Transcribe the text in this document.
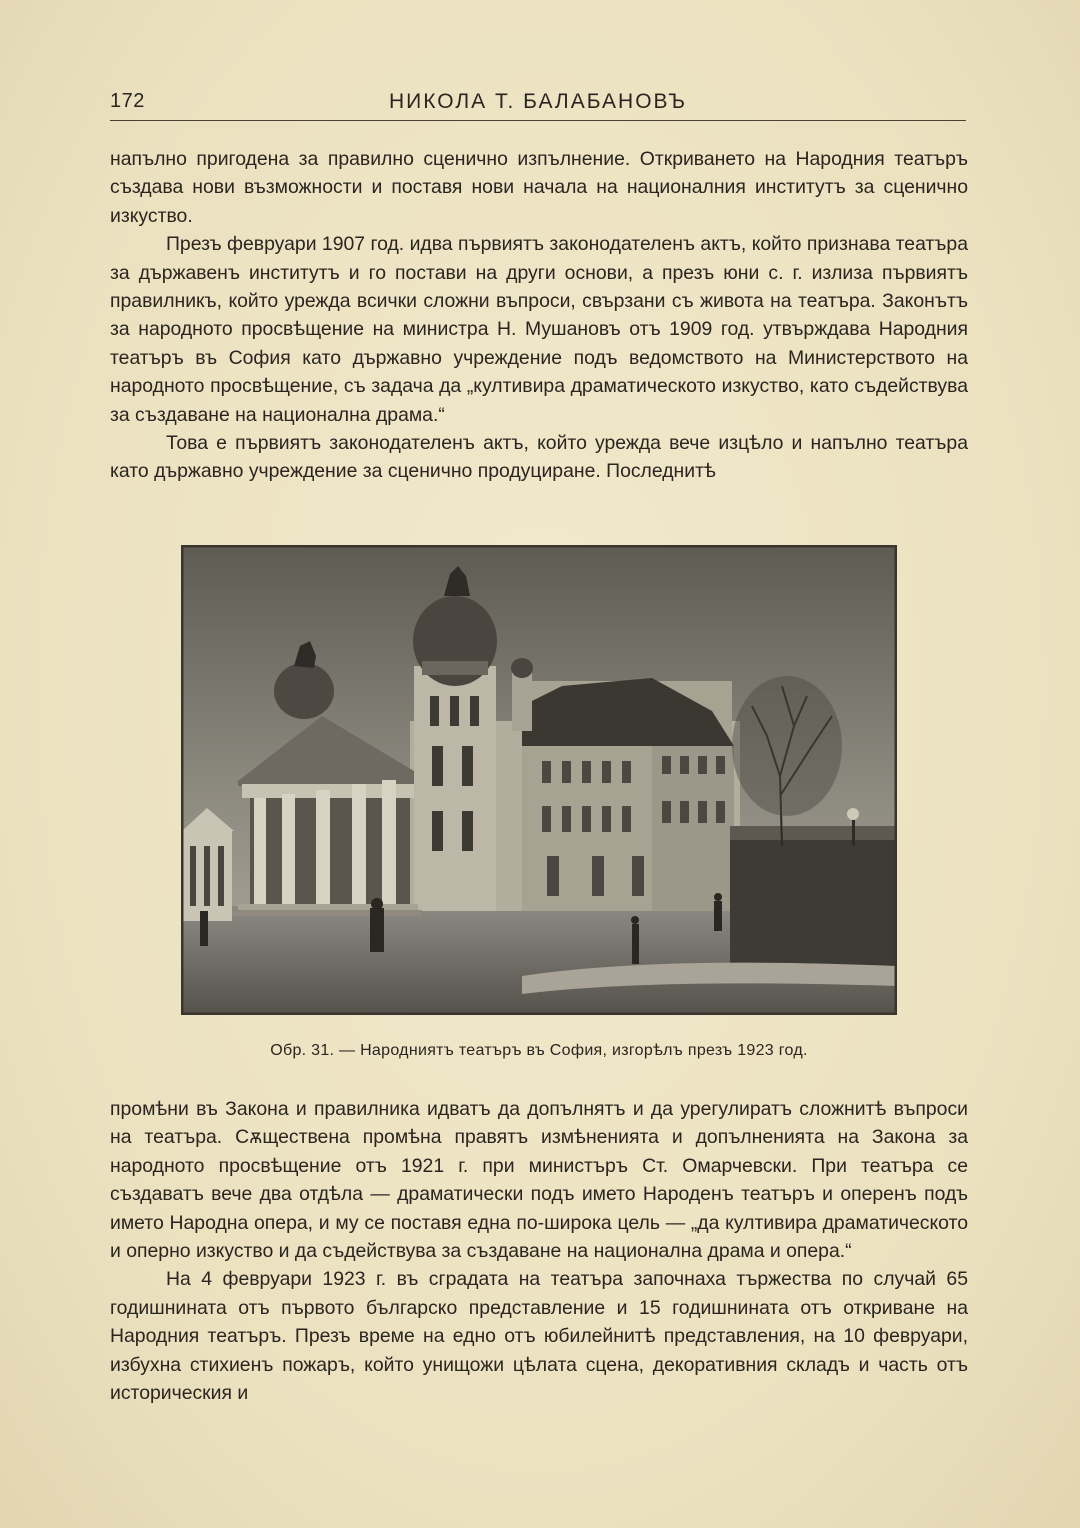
172	НИКОЛА Т. БАЛАБАНОВЪ

напълно пригодена за правилно сценично изпълнение. Откриването на Народния театъръ създава нови възможности и поставя нови начала на националния институтъ за сценично изкуство.

Презъ февруари 1907 год. идва първиятъ законодателенъ актъ, който признава театъра за държавенъ институтъ и го постави на други основи, а презъ юни с. г. излиза първиятъ правилникъ, който урежда всички сложни въпроси, свързани съ живота на театъра. Законътъ за народното просвѣщение на министра Н. Мушановъ отъ 1909 год. утвърждава Народния театъръ въ София като държавно учреждение подъ ведомството на Министерството на народното просвѣщение, съ задача да „култивира драматическото изкуство, като съдействува за създаване на национална драма.“

Това е първиятъ законодателенъ актъ, който урежда вече изцѣло и напълно театъра като държавно учреждение за сценично продуциране. Последнитѣ

Обр. 31. — Народниятъ театъръ въ София, изгорѣлъ презъ 1923 год.

промѣни въ Закона и правилника идватъ да допълнятъ и да урегулиратъ сложнитѣ въпроси на театъра. Сѫществена промѣна правятъ измѣненията и допълненията на Закона за народното просвѣщение отъ 1921 г. при министъръ Ст. Омарчевски. При театъра се създаватъ вече два отдѣла — драматически подъ името Народенъ театъръ и оперенъ подъ името Народна опера, и му се поставя една по-широка цель — „да култивира драматическото и оперно изкуство и да съдействува за създаване на национална драма и опера.“

На 4 февруари 1923 г. въ сградата на театъра започнаха тържества по случай 65 годишнината отъ първото българско представление и 15 годишнината отъ откриване на Народния театъръ. Презъ време на едно отъ юбилейнитѣ представления, на 10 февруари, избухна стихиенъ пожаръ, който унищожи цѣлата сцена, декоративния складъ и часть отъ историческия и
